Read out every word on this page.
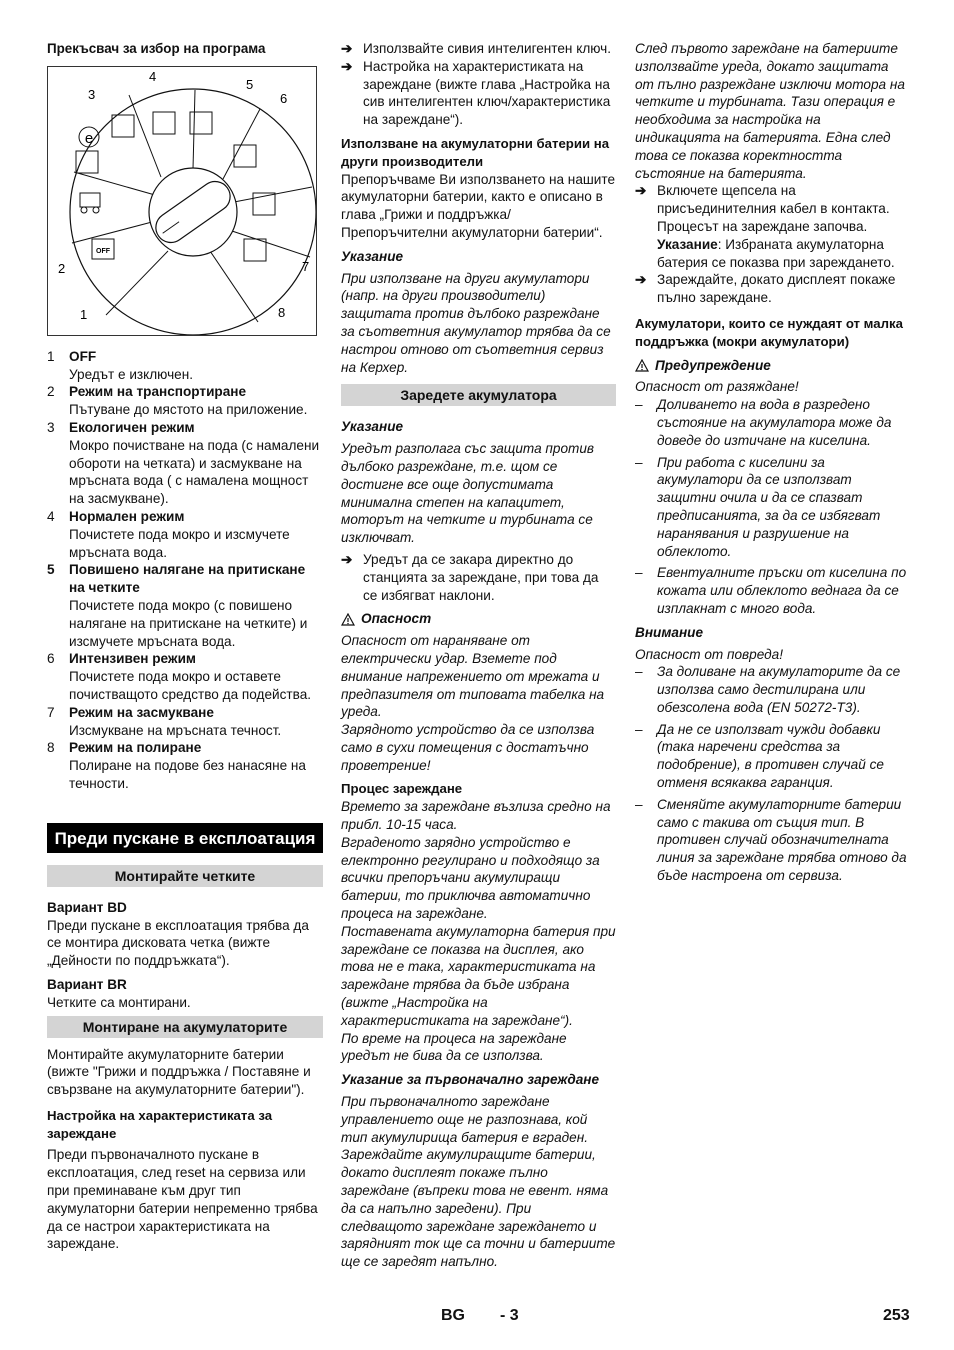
Прекъсвач за избор на програма

OFF
e
1
2
3
4
5
6
7
8
1	OFF

Уредът е изключен.

2	Режим на транспортиране

Пътуване до мястото на приложение.

3	Екологичен режим

Мокро почистване на пода (с намалени обороти на четката) и засмукване на мръсната вода ( с намалена мощност на засмукване).

4	Нормален режим

Почистете пода мокро и изсмучете мръсната вода.

5	Повишено налягане на притискане на четките

Почистете пода мокро (с повишено налягане на притискане на четките) и изсмучете мръсната вода.

6	Интензивен режим

Почистете пода мокро и оставете почистващото средство да подейства.

7	Режим на засмукване

Изсмукване на мръсната течност.

8	Режим на полиране

Полиране на подове без нанасяне на течности.

Преди пускане в експлоатация
Монтирайте четките

Вариант BD

Преди пускане в експлоатация трябва да се монтира дисковата четка (вижте „Дейности по поддръжката“).

Вариант BR

Четките са монтирани.

Монтиране на акумулаторите

Монтирайте акумулаторните батерии (вижте "Грижи и поддръжка / Поставяне и свързване на акумулаторните батерии").

Настройка на характеристиката за зареждане

Преди първоначалното пускане в експлоатация, след reset на сервиза или при преминаване към друг тип акумулаторни батерии непременно трябва да се настрои характеристиката на зареждане.

➔ Използвайте сивия интелигентен ключ.
➔ Настройка на характеристиката на зареждане (вижте глава „Настройка на сив интелигентен ключ/характеристика на зареждане“).

Използване на акумулаторни батерии на други производители

Препоръчваме Ви използването на нашите акумулаторни батерии, както е описано в глава „Грижи и поддръжка/ Препоръчителни акумулаторни батерии“.

Указание

При използване на други акумулатори (напр. на други производители) защитата против дълбоко разреждане за съответния акумулатор трябва да се настрои отново от съответния сервиз на Керхер.

Заредете акумулатора

Указание

Уредът разполага със защита против дълбоко разреждане, т.е. щом се достигне все още допустимата минимална степен на капацитет, моторът на четките и турбината се изключват.

➔ Уредът да се закара директно до станцията за зареждане, при това да се избягват наклони.
Опасност

Опасност от нараняване от електрически удар. Вземете под внимание напрежението от мрежата и предпазителя от типовата табелка на уреда.

Зарядното устройство да се използва само в сухи помещения с достатъчно проветрение!

Процес зареждане

Времето за зареждане възлиза средно на прибл. 10-15 часа.

Вграденото зарядно устройство е електронно регулирано и подходящо за всички препоръчани акумулиращи батерии, то приключва автоматично процеса на зареждане.

Поставената акумулаторна батерия при зареждане се показва на дисплея, ако това не е така, характеристиката на зареждане трябва да бъде избрана (вижте „Настройка на характеристиката на зареждане“).

По време на процеса на зареждане уредът не бива да се използва.

Указание за първоначално зареждане

При първоначалното зареждане управлението още не разпознава, кой тип акумулирища батерия е вграден. Зареждайте акумулиращите батерии, докато дисплеят покаже пълно зареждане (въпреки това не евент. няма да са напълно заредени). При следващото зареждане зареждането и зарядният ток ще са точни и батериите ще се заредят напълно.

След първото зареждане на батериите използвайте уреда, докато защитата от пълно разреждане изключи мотора на четките и турбината. Тази операция е необходима за настройка на индикацията на батерията. Една след това се показва коректността състояние на батерията.

➔ Включете щепсела на присъединителния кабел в контакта. Процесът на зареждане започва.
Указание: Избраната акумулаторна батерия се показва при зареждането.
➔ Зареждайте, докато дисплеят покаже пълно зареждане.

Акумулатори, които се нуждаят от малка поддръжка (мокри акумулатори)

Предупреждение

Опасност от разяждане!

–	Доливането на вода в разредено състояние на акумулатора може да доведе до изтичане на киселина.
–	При работа с киселини за акумулатори да се използват защитни очила и да се спазват предписанията, за да се избягват наранявания и разрушение на облеклото.
–	Евентуалните пръски от киселина по кожата или облеклото веднага да се изплакнат с много вода.

Внимание

Опасност от повреда!

–	За доливане на акумулаторите да се използва само дестилирана или обезсолена вода (EN 50272-T3).
–	Да не се използват чужди добавки (така наречени средства за подобрение), в противен случай се отменя всякаква гаранция.
–	Сменяйте акумулаторните батерии само с такива от същия тип. В противен случай обозначителната линия за зареждане трябва отново да бъде настроена от сервиза.
BG - 3	253
